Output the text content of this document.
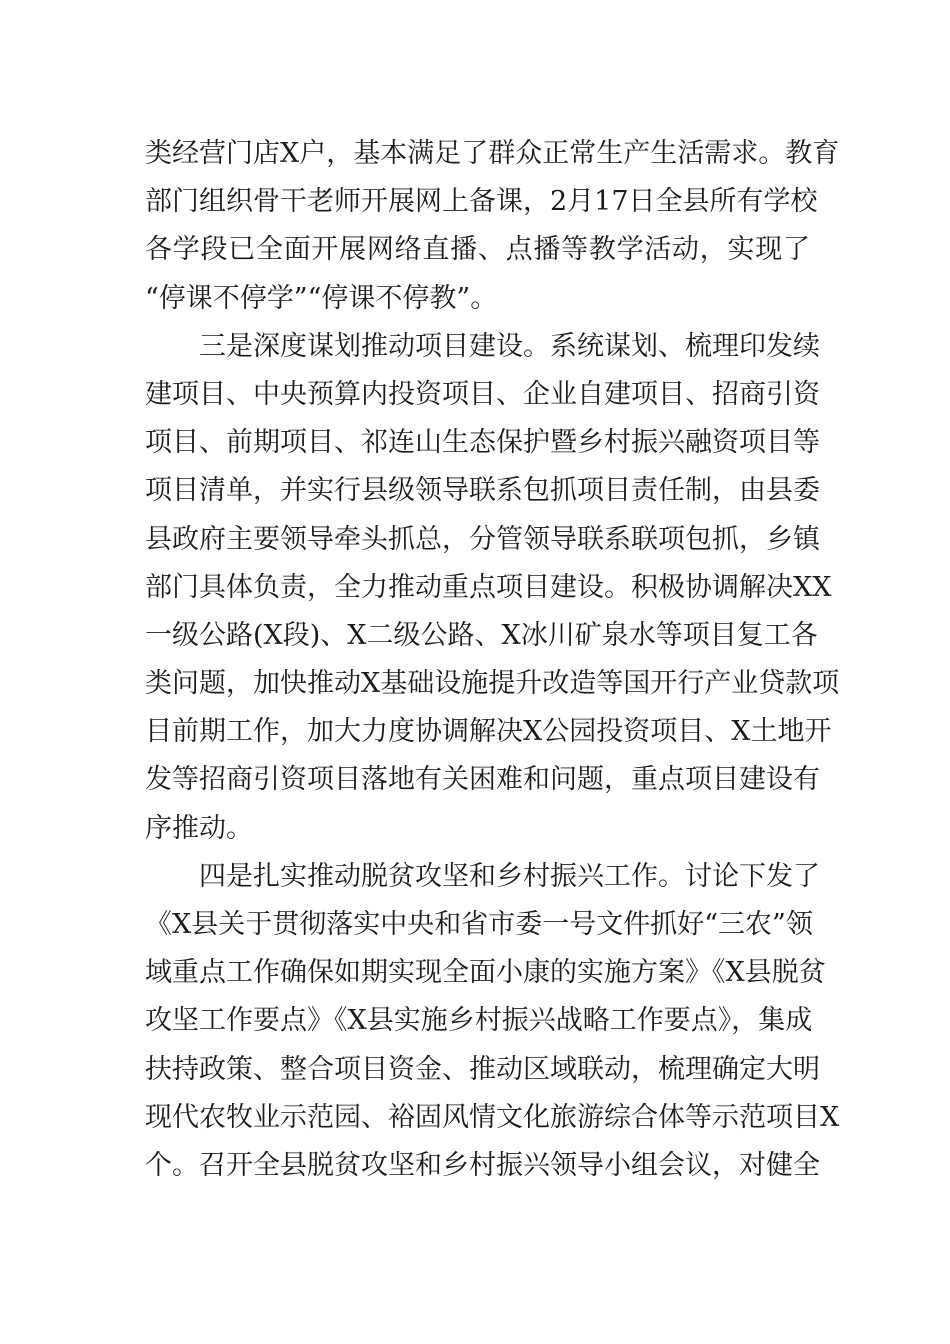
类经营门店X户，基本满足了群众正常生产生活需求。教育
部门组织骨干老师开展网上备课，2月17日全县所有学校
各学段已全面开展网络直播、点播等教学活动，实现了
“停课不停学”“停课不停教”。
　　三是深度谋划推动项目建设。系统谋划、梳理印发续
建项目、中央预算内投资项目、企业自建项目、招商引资
项目、前期项目、祁连山生态保护暨乡村振兴融资项目等
项目清单，并实行县级领导联系包抓项目责任制，由县委
县政府主要领导牵头抓总，分管领导联系联项包抓，乡镇
部门具体负责，全力推动重点项目建设。积极协调解决XX
一级公路(X段)、X二级公路、X冰川矿泉水等项目复工各
类问题，加快推动X基础设施提升改造等国开行产业贷款项
目前期工作，加大力度协调解决X公园投资项目、X土地开
发等招商引资项目落地有关困难和问题，重点项目建设有
序推动。
　　四是扎实推动脱贫攻坚和乡村振兴工作。讨论下发了
《X县关于贯彻落实中央和省市委一号文件抓好“三农”领
域重点工作确保如期实现全面小康的实施方案》《X县脱贫
攻坚工作要点》《X县实施乡村振兴战略工作要点》，集成
扶持政策、整合项目资金、推动区域联动，梳理确定大明
现代农牧业示范园、裕固风情文化旅游综合体等示范项目X
个。召开全县脱贫攻坚和乡村振兴领导小组会议，对健全
